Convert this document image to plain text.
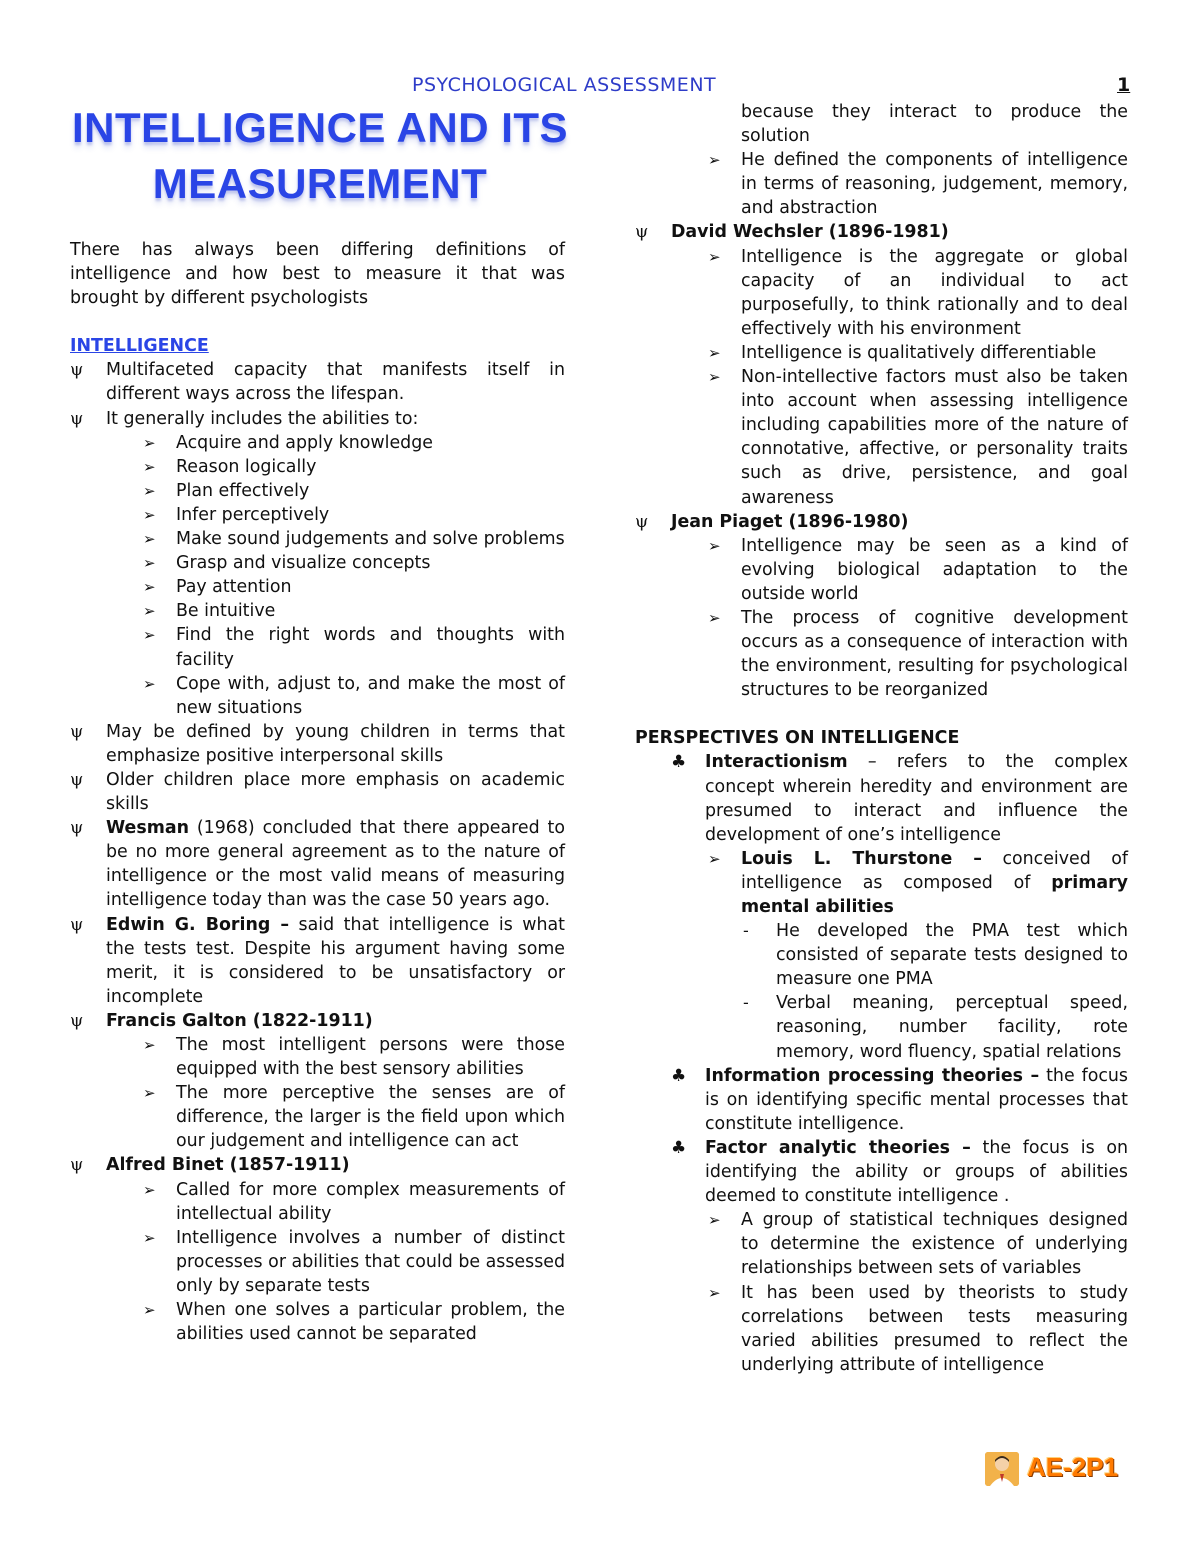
PSYCHOLOGICAL ASSESSMENT	1
INTELLIGENCE AND ITS
MEASUREMENT

There has always been differing definitions of intelligence and how best to measure it that was brought by different psychologists

INTELLIGENCE

ψ	Multifaceted capacity that manifests itself in different ways across the lifespan.
ψ	It generally includes the abilities to:
➢	Acquire and apply knowledge
➢	Reason logically
➢	Plan effectively
➢	Infer perceptively
➢	Make sound judgements and solve problems
➢	Grasp and visualize concepts
➢	Pay attention
➢	Be intuitive
➢	Find the right words and thoughts with facility
➢	Cope with, adjust to, and make the most of new situations
ψ	May be defined by young children in terms that emphasize positive interpersonal skills
ψ	Older children place more emphasis on academic skills
ψ	Wesman (1968) concluded that there appeared to be no more general agreement as to the nature of intelligence or the most valid means of measuring intelligence today than was the case 50 years ago.
ψ	Edwin G. Boring – said that intelligence is what the tests test. Despite his argument having some merit, it is considered to be unsatisfactory or incomplete
ψ	Francis Galton (1822-1911)
➢	The most intelligent persons were those equipped with the best sensory abilities
➢	The more perceptive the senses are of difference, the larger is the field upon which our judgement and intelligence can act
ψ	Alfred Binet (1857-1911)
➢	Called for more complex measurements of intellectual ability
➢	Intelligence involves a number of distinct processes or abilities that could be assessed only by separate tests
➢	When one solves a particular problem, the abilities used cannot be separated
because they interact to produce the solution
➢	He defined the components of intelligence in terms of reasoning, judgement, memory, and abstraction
ψ	David Wechsler (1896-1981)
➢	Intelligence is the aggregate or global capacity of an individual to act purposefully, to think rationally and to deal effectively with his environment
➢	Intelligence is qualitatively differentiable
➢	Non-intellective factors must also be taken into account when assessing intelligence including capabilities more of the nature of connotative, affective, or personality traits such as drive, persistence, and goal awareness
ψ	Jean Piaget (1896-1980)
➢	Intelligence may be seen as a kind of evolving biological adaptation to the outside world
➢	The process of cognitive development occurs as a consequence of interaction with the environment, resulting for psychological structures to be reorganized

PERSPECTIVES ON INTELLIGENCE

♣ Interactionism – refers to the complex concept wherein heredity and environment are presumed to interact and influence the development of one’s intelligence
➢	Louis L. Thurstone – conceived of intelligence as composed of primary mental abilities
-	He developed the PMA test which consisted of separate tests designed to measure one PMA
-	Verbal meaning, perceptual speed, reasoning, number facility, rote memory, word fluency, spatial relations
♣ Information processing theories – the focus is on identifying specific mental processes that constitute intelligence.
♣ Factor analytic theories – the focus is on identifying the ability or groups of abilities deemed to constitute intelligence .
➢	A group of statistical techniques designed to determine the existence of underlying relationships between sets of variables
➢	It has been used by theorists to study correlations between tests measuring varied abilities presumed to reflect the underlying attribute of intelligence
AE-2P1
